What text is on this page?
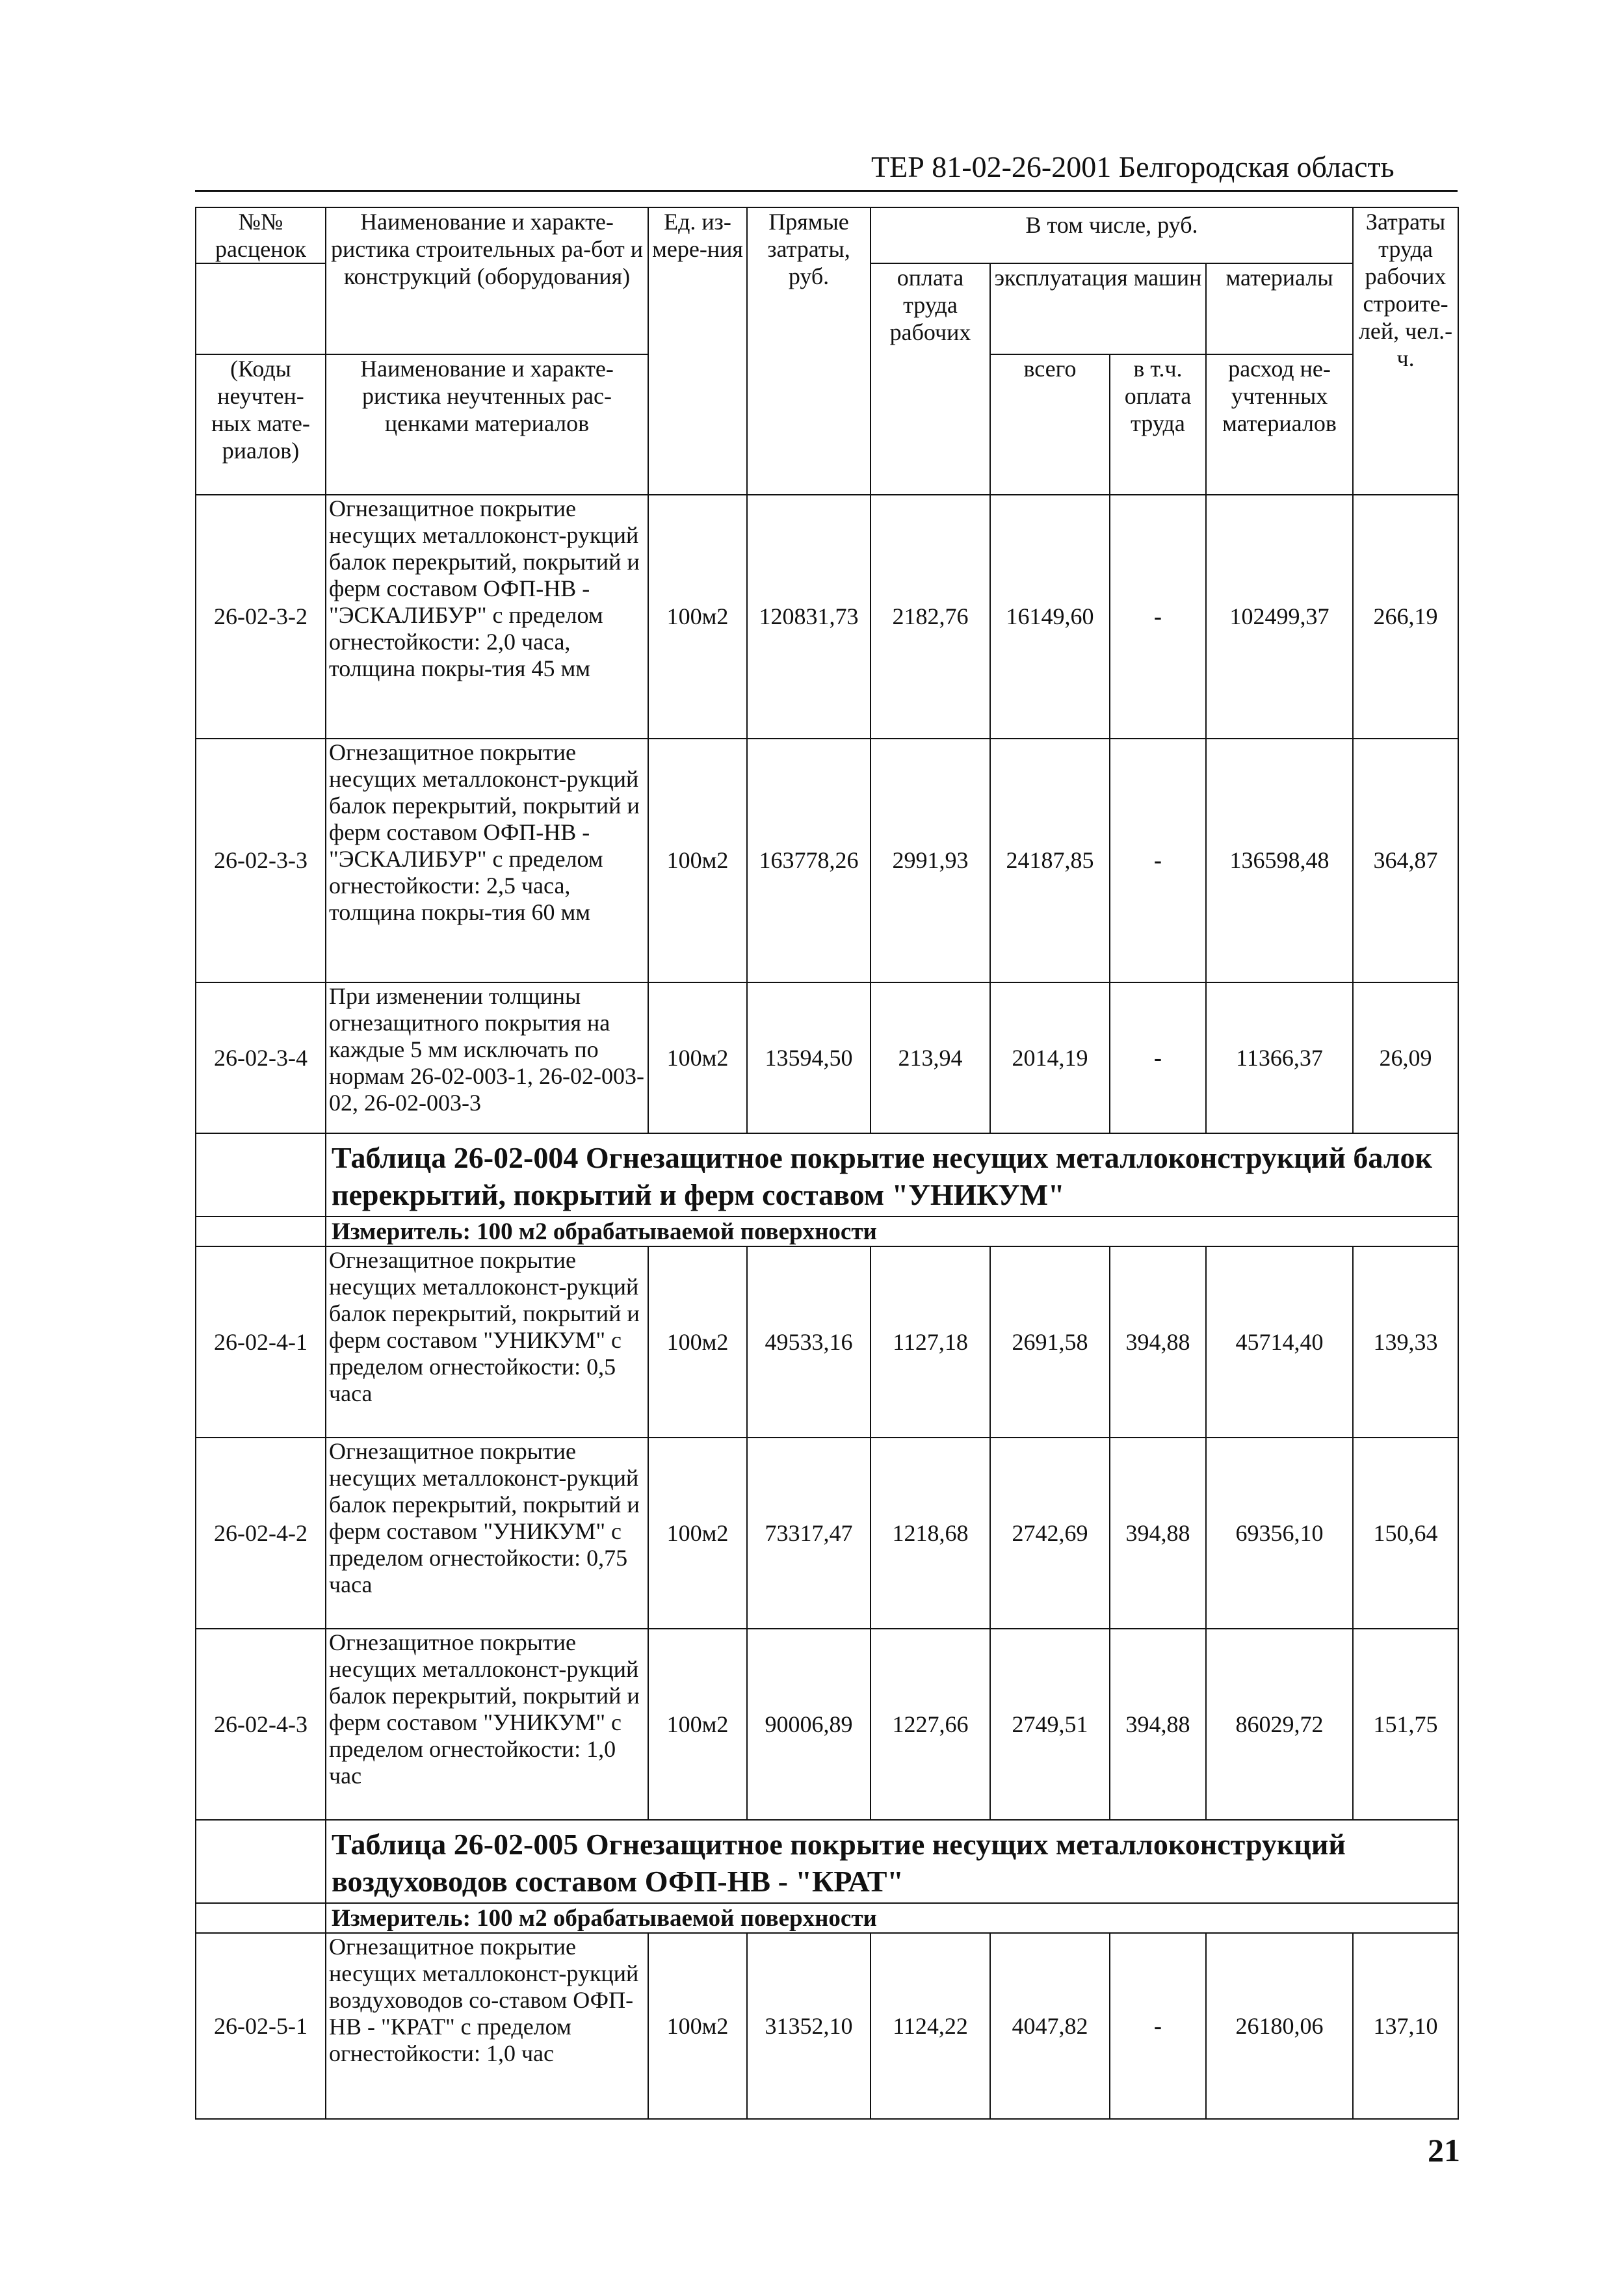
ТЕР 81-02-26-2001 Белгородская область
№№ расценок	Наименование и характе-ристика строительных ра-бот и конструкций (оборудования)	Ед. из-мере-ния	Прямые затраты, руб.	В том числе, руб.				Затраты труда рабочих строите-лей, чел.-ч.
				оплата труда рабочих	эксплуатация машин		материалы	
(Коды неучтен-ных мате-риалов)	Наименование и характе-ристика неучтенных рас-ценками материалов				всего	в т.ч. оплата труда	расход не-учтенных материалов	
26-02-3-2	Огнезащитное покрытие несущих металлоконст-рукций балок перекрытий, покрытий и ферм составом ОФП-НВ - "ЭСКАЛИБУР" с пределом огнестойкости: 2,0 часа, толщина покры-тия 45 мм	100м2	120831,73	2182,76	16149,60	-	102499,37	266,19
26-02-3-3	Огнезащитное покрытие несущих металлоконст-рукций балок перекрытий, покрытий и ферм составом ОФП-НВ - "ЭСКАЛИБУР" с пределом огнестойкости: 2,5 часа, толщина покры-тия 60 мм	100м2	163778,26	2991,93	24187,85	-	136598,48	364,87
26-02-3-4	При изменении толщины огнезащитного покрытия на каждые 5 мм исключать по нормам 26-02-003-1, 26-02-003-02, 26-02-003-3	100м2	13594,50	213,94	2014,19	-	11366,37	26,09
	Таблица 26-02-004 Огнезащитное покрытие несущих металлоконструкций балок перекрытий, покрытий и ферм составом "УНИКУМ"							
	Измеритель: 100 м2 обрабатываемой поверхности							
26-02-4-1	Огнезащитное покрытие несущих металлоконст-рукций балок перекрытий, покрытий и ферм составом "УНИКУМ" с пределом огнестойкости: 0,5 часа	100м2	49533,16	1127,18	2691,58	394,88	45714,40	139,33
26-02-4-2	Огнезащитное покрытие несущих металлоконст-рукций балок перекрытий, покрытий и ферм составом "УНИКУМ" с пределом огнестойкости: 0,75 часа	100м2	73317,47	1218,68	2742,69	394,88	69356,10	150,64
26-02-4-3	Огнезащитное покрытие несущих металлоконст-рукций балок перекрытий, покрытий и ферм составом "УНИКУМ" с пределом огнестойкости: 1,0 час	100м2	90006,89	1227,66	2749,51	394,88	86029,72	151,75
	Таблица 26-02-005 Огнезащитное покрытие несущих металлоконструкций воздуховодов составом ОФП-НВ - "КРАТ"							
	Измеритель: 100 м2 обрабатываемой поверхности							
26-02-5-1	Огнезащитное покрытие несущих металлоконст-рукций воздуховодов со-ставом ОФП-НВ - "КРАТ" с пределом огнестойкости: 1,0 час	100м2	31352,10	1124,22	4047,82	-	26180,06	137,10
21
